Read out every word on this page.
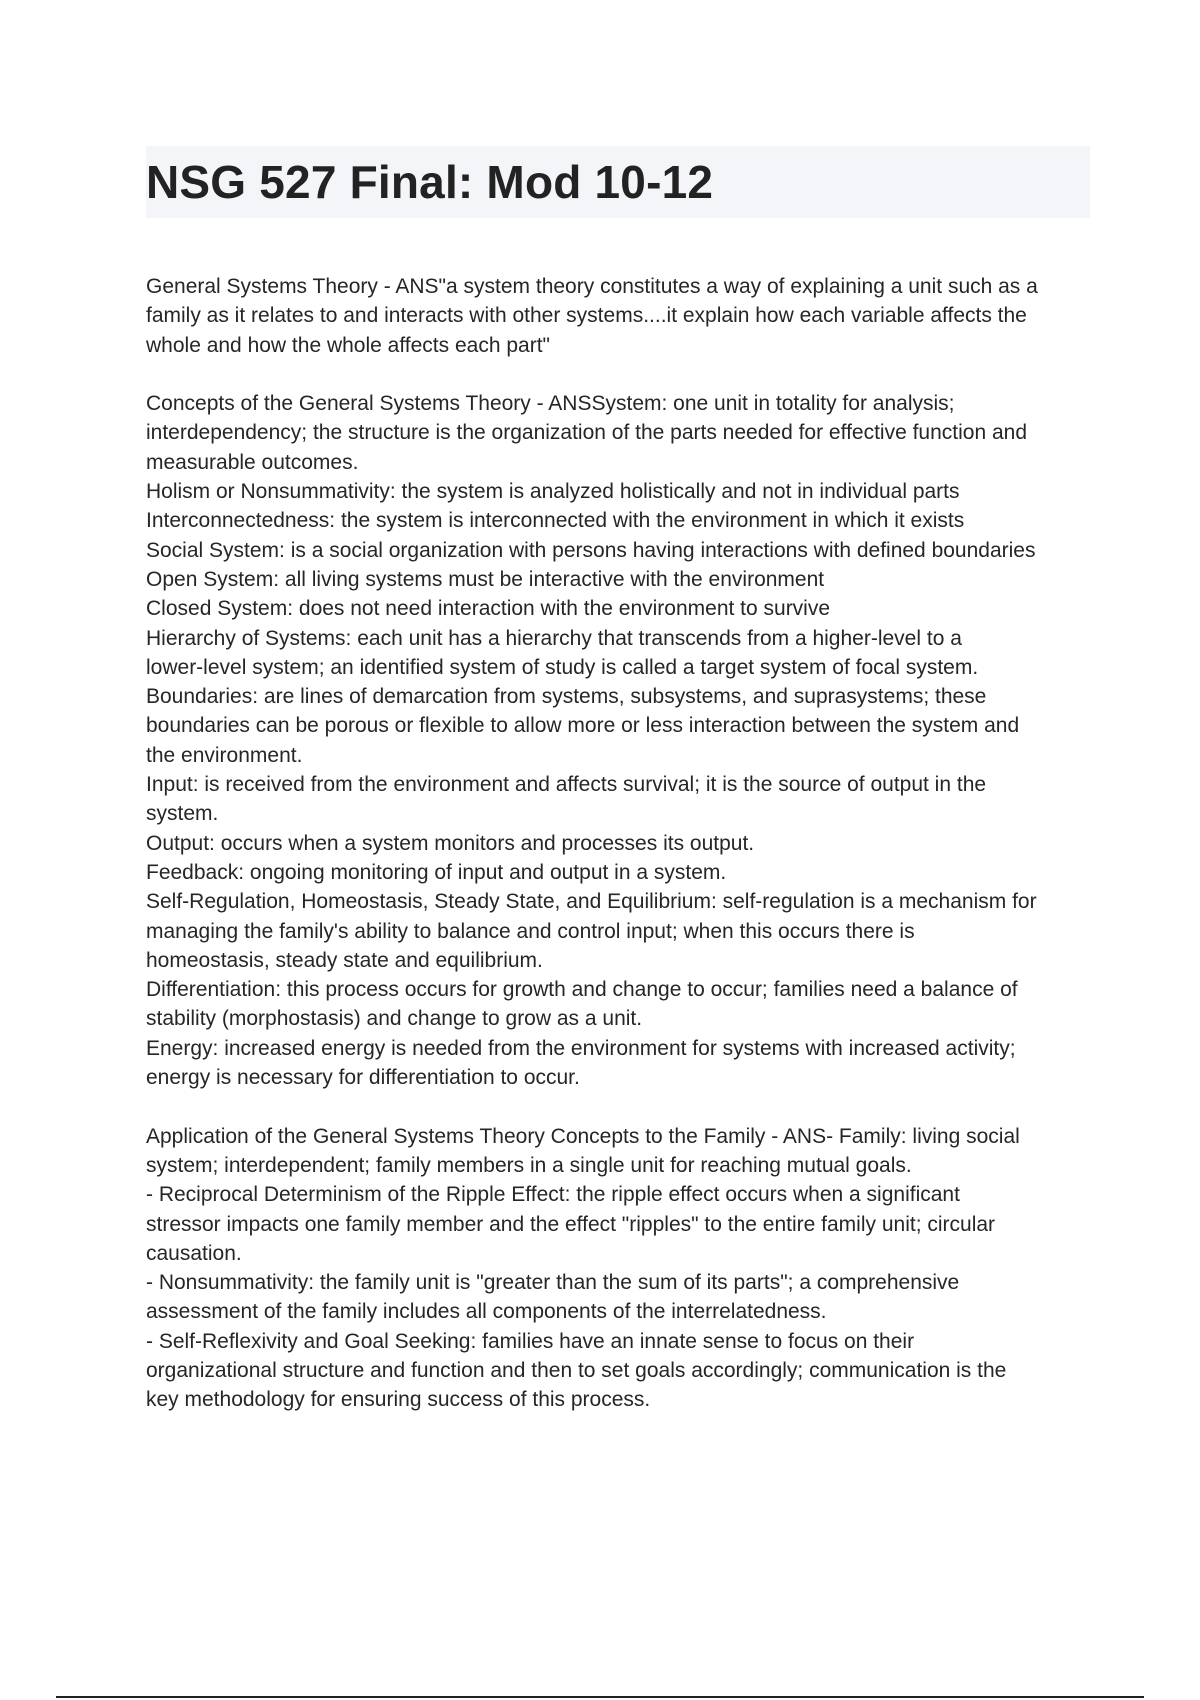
NSG 527 Final: Mod 10-12
General Systems Theory - ANS"a system theory constitutes a way of explaining a unit such as a
family as it relates to and interacts with other systems....it explain how each variable affects the
whole and how the whole affects each part"
Concepts of the General Systems Theory - ANSSystem: one unit in totality for analysis;
interdependency; the structure is the organization of the parts needed for effective function and
measurable outcomes.
Holism or Nonsummativity: the system is analyzed holistically and not in individual parts
Interconnectedness: the system is interconnected with the environment in which it exists
Social System: is a social organization with persons having interactions with defined boundaries
Open System: all living systems must be interactive with the environment
Closed System: does not need interaction with the environment to survive
Hierarchy of Systems: each unit has a hierarchy that transcends from a higher-level to a
lower-level system; an identified system of study is called a target system of focal system.
Boundaries: are lines of demarcation from systems, subsystems, and suprasystems; these
boundaries can be porous or flexible to allow more or less interaction between the system and
the environment.
Input: is received from the environment and affects survival; it is the source of output in the
system.
Output: occurs when a system monitors and processes its output.
Feedback: ongoing monitoring of input and output in a system.
Self-Regulation, Homeostasis, Steady State, and Equilibrium: self-regulation is a mechanism for
managing the family's ability to balance and control input; when this occurs there is
homeostasis, steady state and equilibrium.
Differentiation: this process occurs for growth and change to occur; families need a balance of
stability (morphostasis) and change to grow as a unit.
Energy: increased energy is needed from the environment for systems with increased activity;
energy is necessary for differentiation to occur.
Application of the General Systems Theory Concepts to the Family - ANS- Family: living social
system; interdependent; family members in a single unit for reaching mutual goals.
- Reciprocal Determinism of the Ripple Effect: the ripple effect occurs when a significant
stressor impacts one family member and the effect "ripples" to the entire family unit; circular
causation.
- Nonsummativity: the family unit is "greater than the sum of its parts"; a comprehensive
assessment of the family includes all components of the interrelatedness.
- Self-Reflexivity and Goal Seeking: families have an innate sense to focus on their
organizational structure and function and then to set goals accordingly; communication is the
key methodology for ensuring success of this process.
